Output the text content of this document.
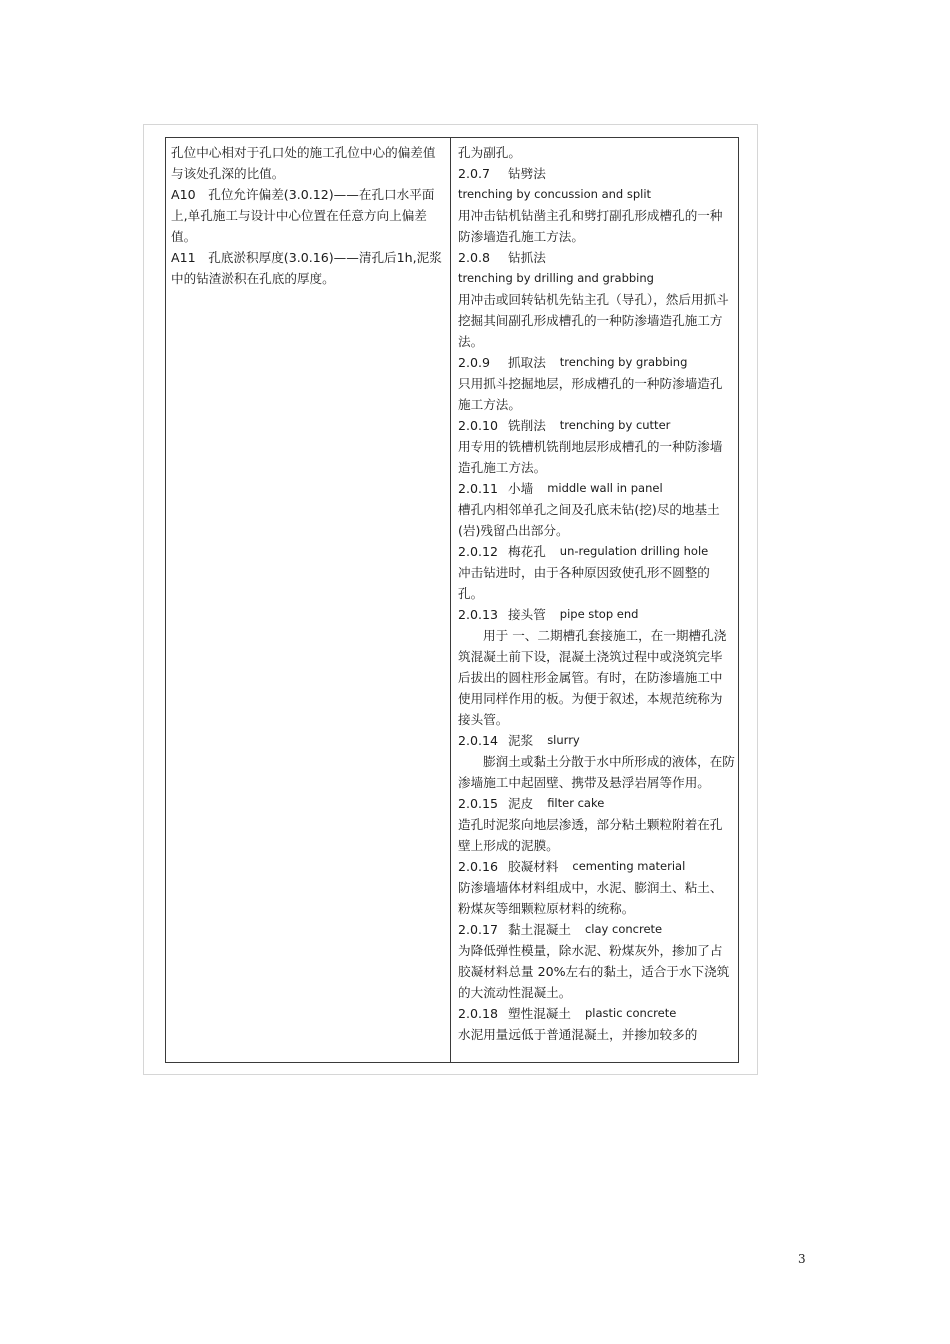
孔位中心相对于孔口处的施工孔位中心的偏差值与该处孔深的比值。

A10　孔位允许偏差(3.0.12)——在孔口水平面上,单孔施工与设计中心位置在任意方向上偏差值。

A11　孔底淤积厚度(3.0.16)——清孔后1h,泥浆中的钻渣淤积在孔底的厚度。

孔为副孔。

2.0.7	钻劈法
trenching by concussion and split

用冲击钻机钻凿主孔和劈打副孔形成槽孔的一种防渗墙造孔施工方法。

2.0.8	钻抓法
trenching by drilling and grabbing

用冲击或回转钻机先钻主孔（导孔），然后用抓斗挖掘其间副孔形成槽孔的一种防渗墙造孔施工方法。

2.0.9	抓取法 trenching by grabbing

只用抓斗挖掘地层，形成槽孔的一种防渗墙造孔施工方法。

2.0.10 铣削法 trenching by cutter

用专用的铣槽机铣削地层形成槽孔的一种防渗墙造孔施工方法。

2.0.11 小墙 middle wall in panel

槽孔内相邻单孔之间及孔底未钻(挖)尽的地基土(岩)残留凸出部分。

2.0.12 梅花孔 un-regulation drilling hole

冲击钻进时，由于各种原因致使孔形不圆整的孔。

2.0.13 接头管 pipe stop end

用于 一、二期槽孔套接施工，在一期槽孔浇筑混凝土前下设，混凝土浇筑过程中或浇筑完毕后拔出的圆柱形金属管。有时，在防渗墙施工中使用同样作用的板。为便于叙述，本规范统称为接头管。

2.0.14 泥浆 slurry

膨润土或黏土分散于水中所形成的液体，在防渗墙施工中起固壁、携带及悬浮岩屑等作用。

2.0.15 泥皮 filter cake

造孔时泥浆向地层渗透，部分粘土颗粒附着在孔壁上形成的泥膜。

2.0.16 胶凝材料 cementing material

防渗墙墙体材料组成中，水泥、膨润土、粘土、粉煤灰等细颗粒原材料的统称。

2.0.17 黏土混凝土 clay concrete

为降低弹性模量，除水泥、粉煤灰外，掺加了占胶凝材料总量 20%左右的黏土，适合于水下浇筑的大流动性混凝土。

2.0.18 塑性混凝土 plastic concrete

水泥用量远低于普通混凝土，并掺加较多的

3
